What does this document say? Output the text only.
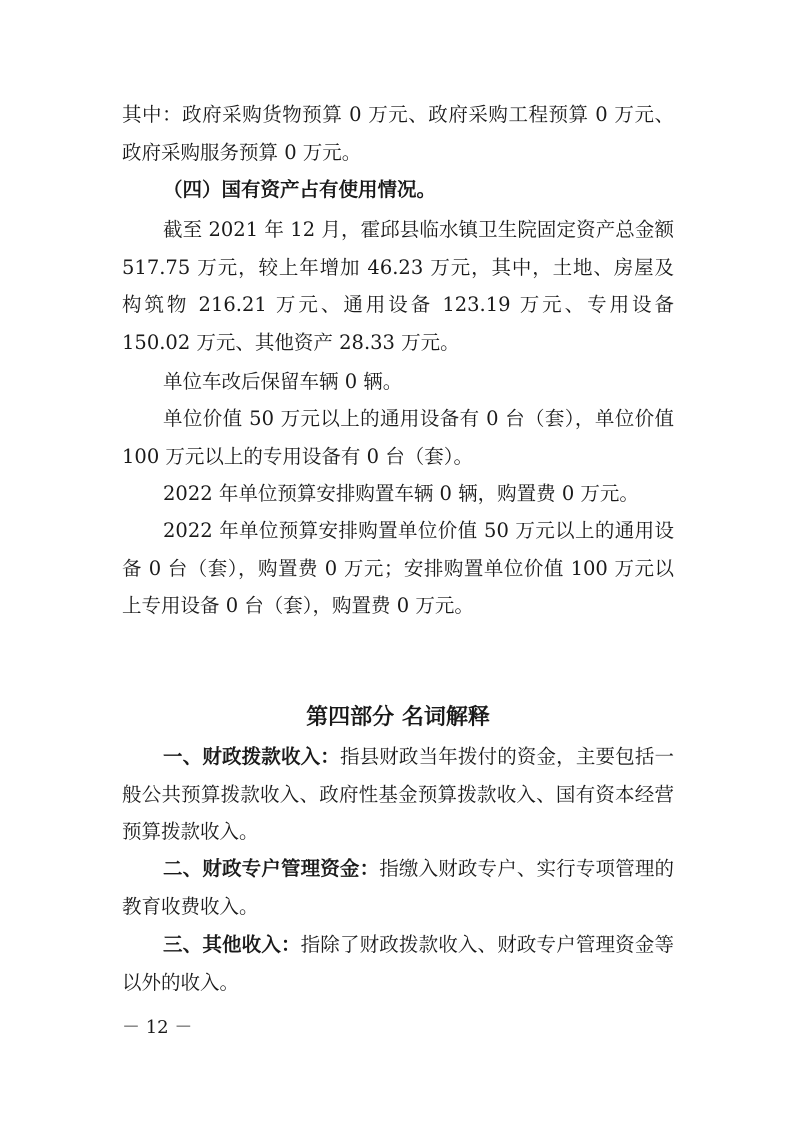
其中：政府采购货物预算 0 万元、政府采购工程预算 0 万元、政府采购服务预算 0 万元。

（四）国有资产占有使用情况。

截至 2021 年 12 月，霍邱县临水镇卫生院固定资产总金额 517.75 万元，较上年增加 46.23 万元，其中，土地、房屋及构筑物 216.21 万元、通用设备 123.19 万元、专用设备 150.02 万元、其他资产 28.33 万元。

单位车改后保留车辆 0 辆。

单位价值 50 万元以上的通用设备有 0 台（套），单位价值 100 万元以上的专用设备有 0 台（套）。

2022 年单位预算安排购置车辆 0 辆，购置费 0 万元。

2022 年单位预算安排购置单位价值 50 万元以上的通用设备 0 台（套），购置费 0 万元；安排购置单位价值 100 万元以上专用设备 0 台（套），购置费 0 万元。

第四部分 名词解释

一、财政拨款收入：指县财政当年拨付的资金，主要包括一般公共预算拨款收入、政府性基金预算拨款收入、国有资本经营预算拨款收入。

二、财政专户管理资金：指缴入财政专户、实行专项管理的教育收费收入。

三、其他收入：指除了财政拨款收入、财政专户管理资金等以外的收入。

－ 12 －
